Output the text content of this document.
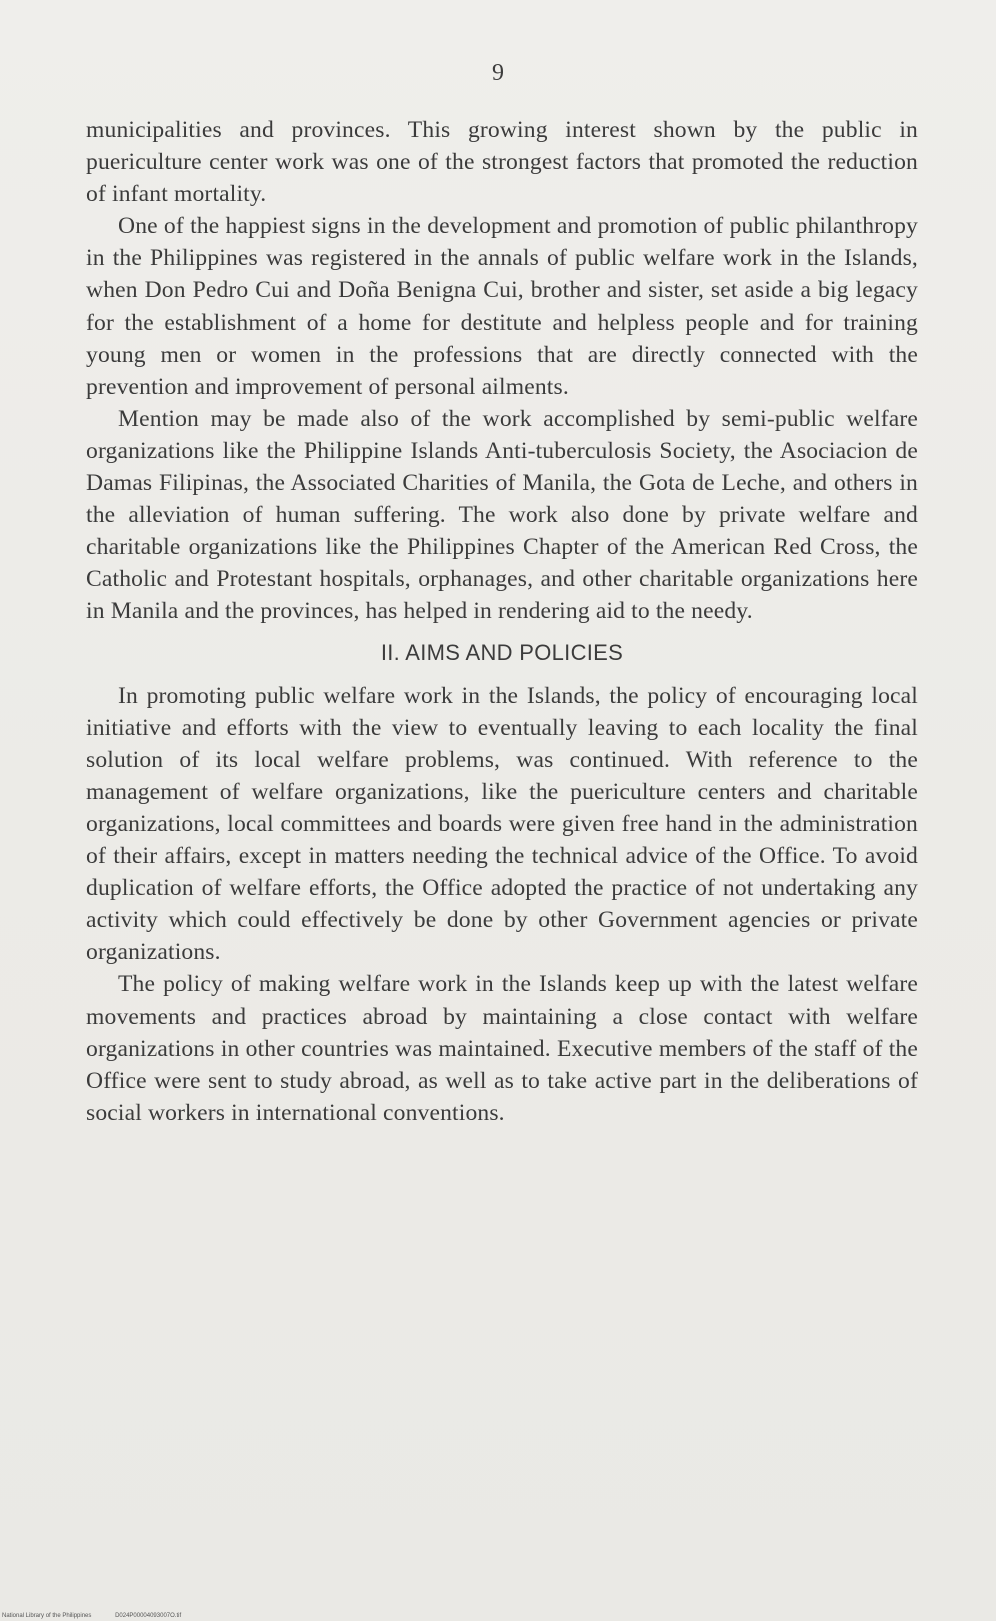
9

municipalities and provinces. This growing interest shown by the public in puericulture center work was one of the strongest factors that promoted the reduction of infant mortality.

One of the happiest signs in the development and promotion of public philanthropy in the Philippines was registered in the annals of public welfare work in the Islands, when Don Pedro Cui and Doña Benigna Cui, brother and sister, set aside a big legacy for the establishment of a home for destitute and helpless people and for training young men or women in the professions that are directly connected with the prevention and improvement of personal ailments.

Mention may be made also of the work accomplished by semi-public welfare organizations like the Philippine Islands Anti-tuberculosis Society, the Asociacion de Damas Filipinas, the Associated Charities of Manila, the Gota de Leche, and others in the alleviation of human suffering. The work also done by private welfare and charitable organizations like the Philippines Chapter of the American Red Cross, the Catholic and Protestant hospitals, orphanages, and other charitable organizations here in Manila and the provinces, has helped in rendering aid to the needy.

II. AIMS AND POLICIES

In promoting public welfare work in the Islands, the policy of encouraging local initiative and efforts with the view to eventually leaving to each locality the final solution of its local welfare problems, was continued. With reference to the management of welfare organizations, like the puericulture centers and charitable organizations, local committees and boards were given free hand in the administration of their affairs, except in matters needing the technical advice of the Office. To avoid duplication of welfare efforts, the Office adopted the practice of not undertaking any activity which could effectively be done by other Government agencies or private organizations.

The policy of making welfare work in the Islands keep up with the latest welfare movements and practices abroad by maintaining a close contact with welfare organizations in other countries was maintained. Executive members of the staff of the Office were sent to study abroad, as well as to take active part in the deliberations of social workers in international conventions.

National Library of the Philippines	D024P00004093007O.tif
